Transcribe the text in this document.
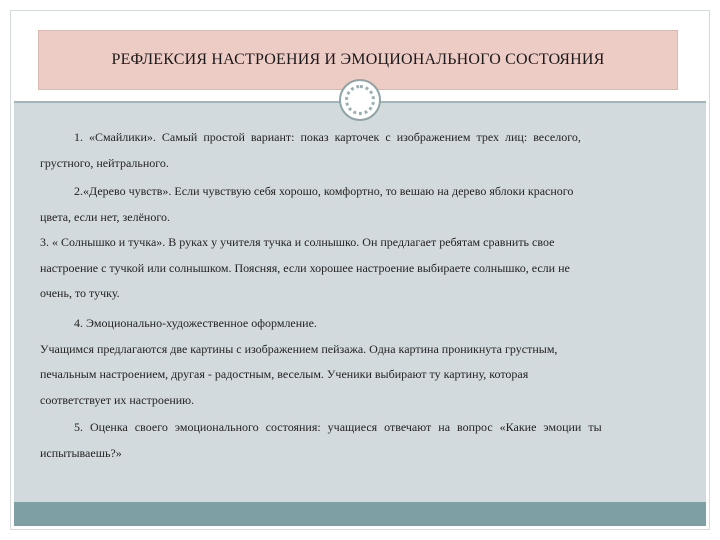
РЕФЛЕКСИЯ НАСТРОЕНИЯ И ЭМОЦИОНАЛЬНОГО СОСТОЯНИЯ

1. «Смайлики». Самый простой вариант: показ карточек с изображением трех лиц: веселого,

грустного, нейтрального.

2.«Дерево чувств». Если чувствую себя хорошо, комфортно, то вешаю на дерево яблоки красного

цвета, если нет, зелёного.

3. « Солнышко и тучка». В руках у учителя тучка и солнышко. Он предлагает ребятам сравнить свое

настроение с тучкой или солнышком. Поясняя, если хорошее настроение выбираете солнышко, если не

очень, то тучку.

4. Эмоционально-художественное оформление.

Учащимся предлагаются две картины с изображением пейзажа. Одна картина проникнута грустным,

печальным настроением, другая - радостным, веселым. Ученики выбирают ту картину, которая

соответствует их настроению.

5. Оценка своего эмоционального состояния: учащиеся отвечают на вопрос «Какие эмоции ты

испытываешь?»
